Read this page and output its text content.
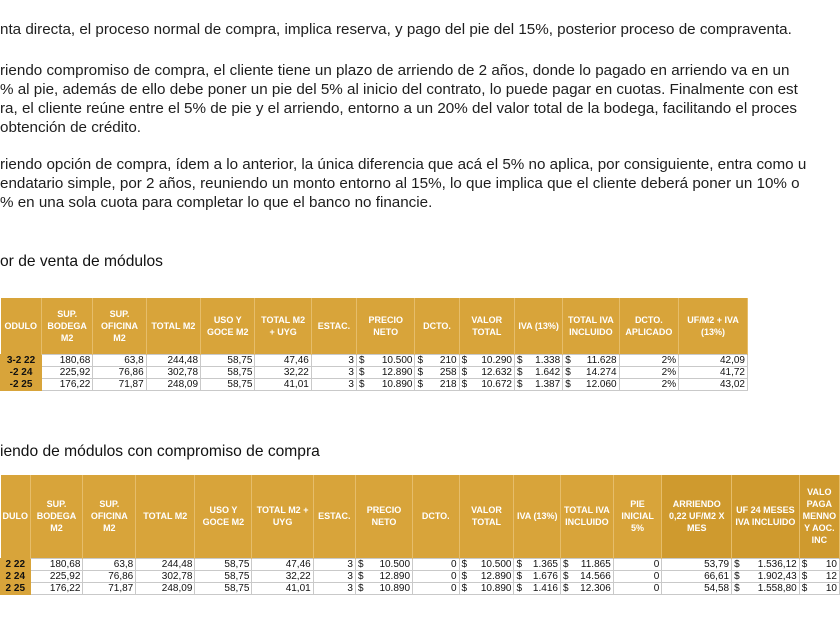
nta directa, el proceso normal de compra, implica reserva, y pago del pie del 15%, posterior proceso de compraventa.

riendo compromiso de compra, el cliente tiene un plazo de arriendo de 2 años, donde lo pagado en arriendo va en un
% al pie, además de ello debe poner un pie del 5% al inicio del contrato, lo puede pagar en cuotas. Finalmente con est
ra, el cliente reúne entre el 5% de pie y el arriendo, entorno a un 20% del valor total de la bodega, facilitando el proces
obtención de crédito.

riendo opción de compra, ídem a lo anterior, la única diferencia que acá el 5% no aplica, por consiguiente, entra como u
endatario simple, por 2 años, reuniendo un monto entorno al 15%, lo que implica que el cliente deberá poner un 10% o
% en una sola cuota para completar lo que el banco no financie.

or de venta de módulos
ODULO	SUP. BODEGA M2	SUP. OFICINA M2	TOTAL M2	USO Y GOCE M2	TOTAL M2 + UYG	ESTAC.	PRECIO NETO		DCTO.		VALOR TOTAL		IVA (13%)		TOTAL IVA INCLUIDO		DCTO. APLICADO	UF/M2 + IVA (13%)
3-2 22	180,68	63,8	244,48	58,75	47,46	3	$	10.500	$	210	$	10.290	$	1.338	$	11.628	2%	42,09
-2 24	225,92	76,86	302,78	58,75	32,22	3	$	12.890	$	258	$	12.632	$	1.642	$	14.274	2%	41,72
-2 25	176,22	71,87	248,09	58,75	41,01	3	$	10.890	$	218	$	10.672	$	1.387	$	12.060	2%	43,02
iendo de módulos con compromiso de compra
DULO	SUP. BODEGA M2	SUP. OFICINA M2	TOTAL M2	USO Y GOCE M2	TOTAL M2 + UYG	ESTAC.	PRECIO NETO		DCTO.	VALOR TOTAL		IVA (13%)		TOTAL IVA INCLUIDO		PIE INICIAL 5%	ARRIENDO 0,22 UF/M2 X MES	UF 24 MESES IVA INCLUIDO		VALO PAGA MENNO Y AOC. INC	
2 22	180,68	63,8	244,48	58,75	47,46	3	$	10.500	0	$	10.500	$	1.365	$	11.865	0	53,79	$	1.536,12	$	10
2 24	225,92	76,86	302,78	58,75	32,22	3	$	12.890	0	$	12.890	$	1.676	$	14.566	0	66,61	$	1.902,43	$	12
2 25	176,22	71,87	248,09	58,75	41,01	3	$	10.890	0	$	10.890	$	1.416	$	12.306	0	54,58	$	1.558,80	$	10
